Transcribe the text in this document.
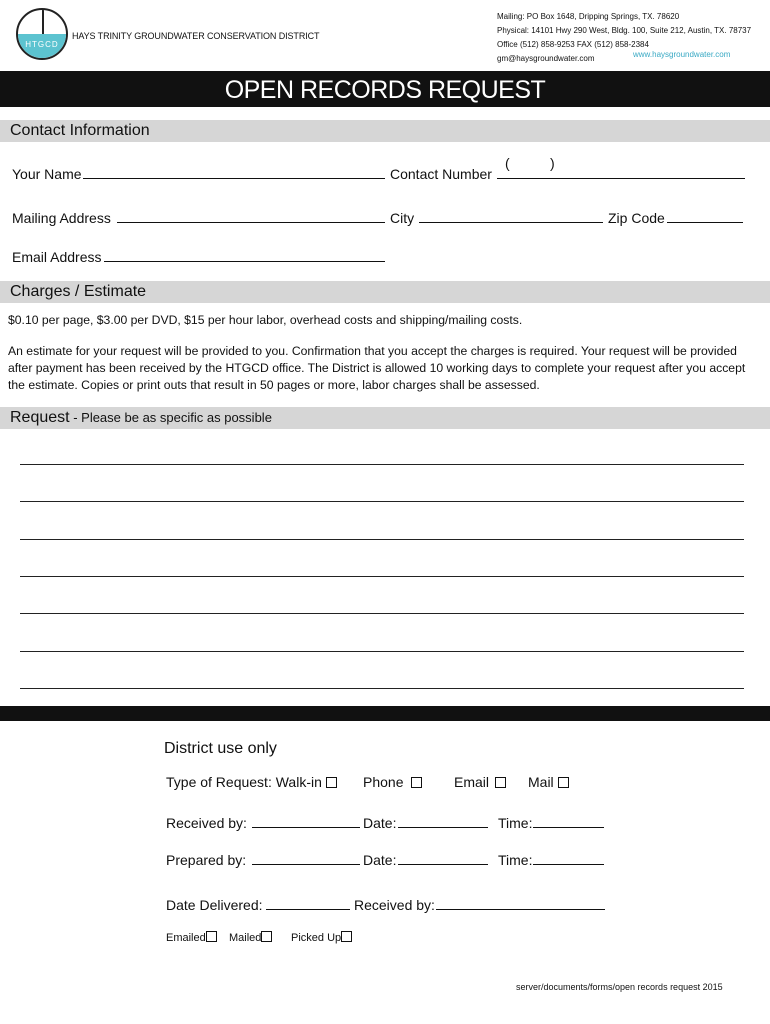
HTGCD
HAYS TRINITY GROUNDWATER CONSERVATION DISTRICT
Mailing: PO Box 1648, Dripping Springs, TX. 78620
Physical: 14101 Hwy 290 West, Bldg. 100, Suite 212, Austin, TX. 78737
Office (512) 858-9253 FAX (512) 858-2384
gm@haysgroundwater.com	www.haysgroundwater.com
OPEN RECORDS REQUEST
Contact Information
Your Name	Contact Number
(	)
Mailing Address	City	Zip Code
Email Address
Charges / Estimate
$0.10 per page, $3.00 per DVD, $15 per hour labor, overhead costs and shipping/mailing costs.
An estimate for your request will be provided to you. Confirmation that you accept the charges is required. Your request will be provided after payment has been received by the HTGCD office. The District is allowed 10 working days to complete your request after you accept the estimate. Copies or print outs that result in 50 pages or more, labor charges shall be assessed.
Request - Please be as specific as possible
District use only
Type of Request: Walk-in	Phone	Email	Mail
Received by:	Date:	Time:
Prepared by:	Date:	Time:
Date Delivered:	Received by:
Emailed	Mailed	Picked Up
server/documents/forms/open records request 2015
